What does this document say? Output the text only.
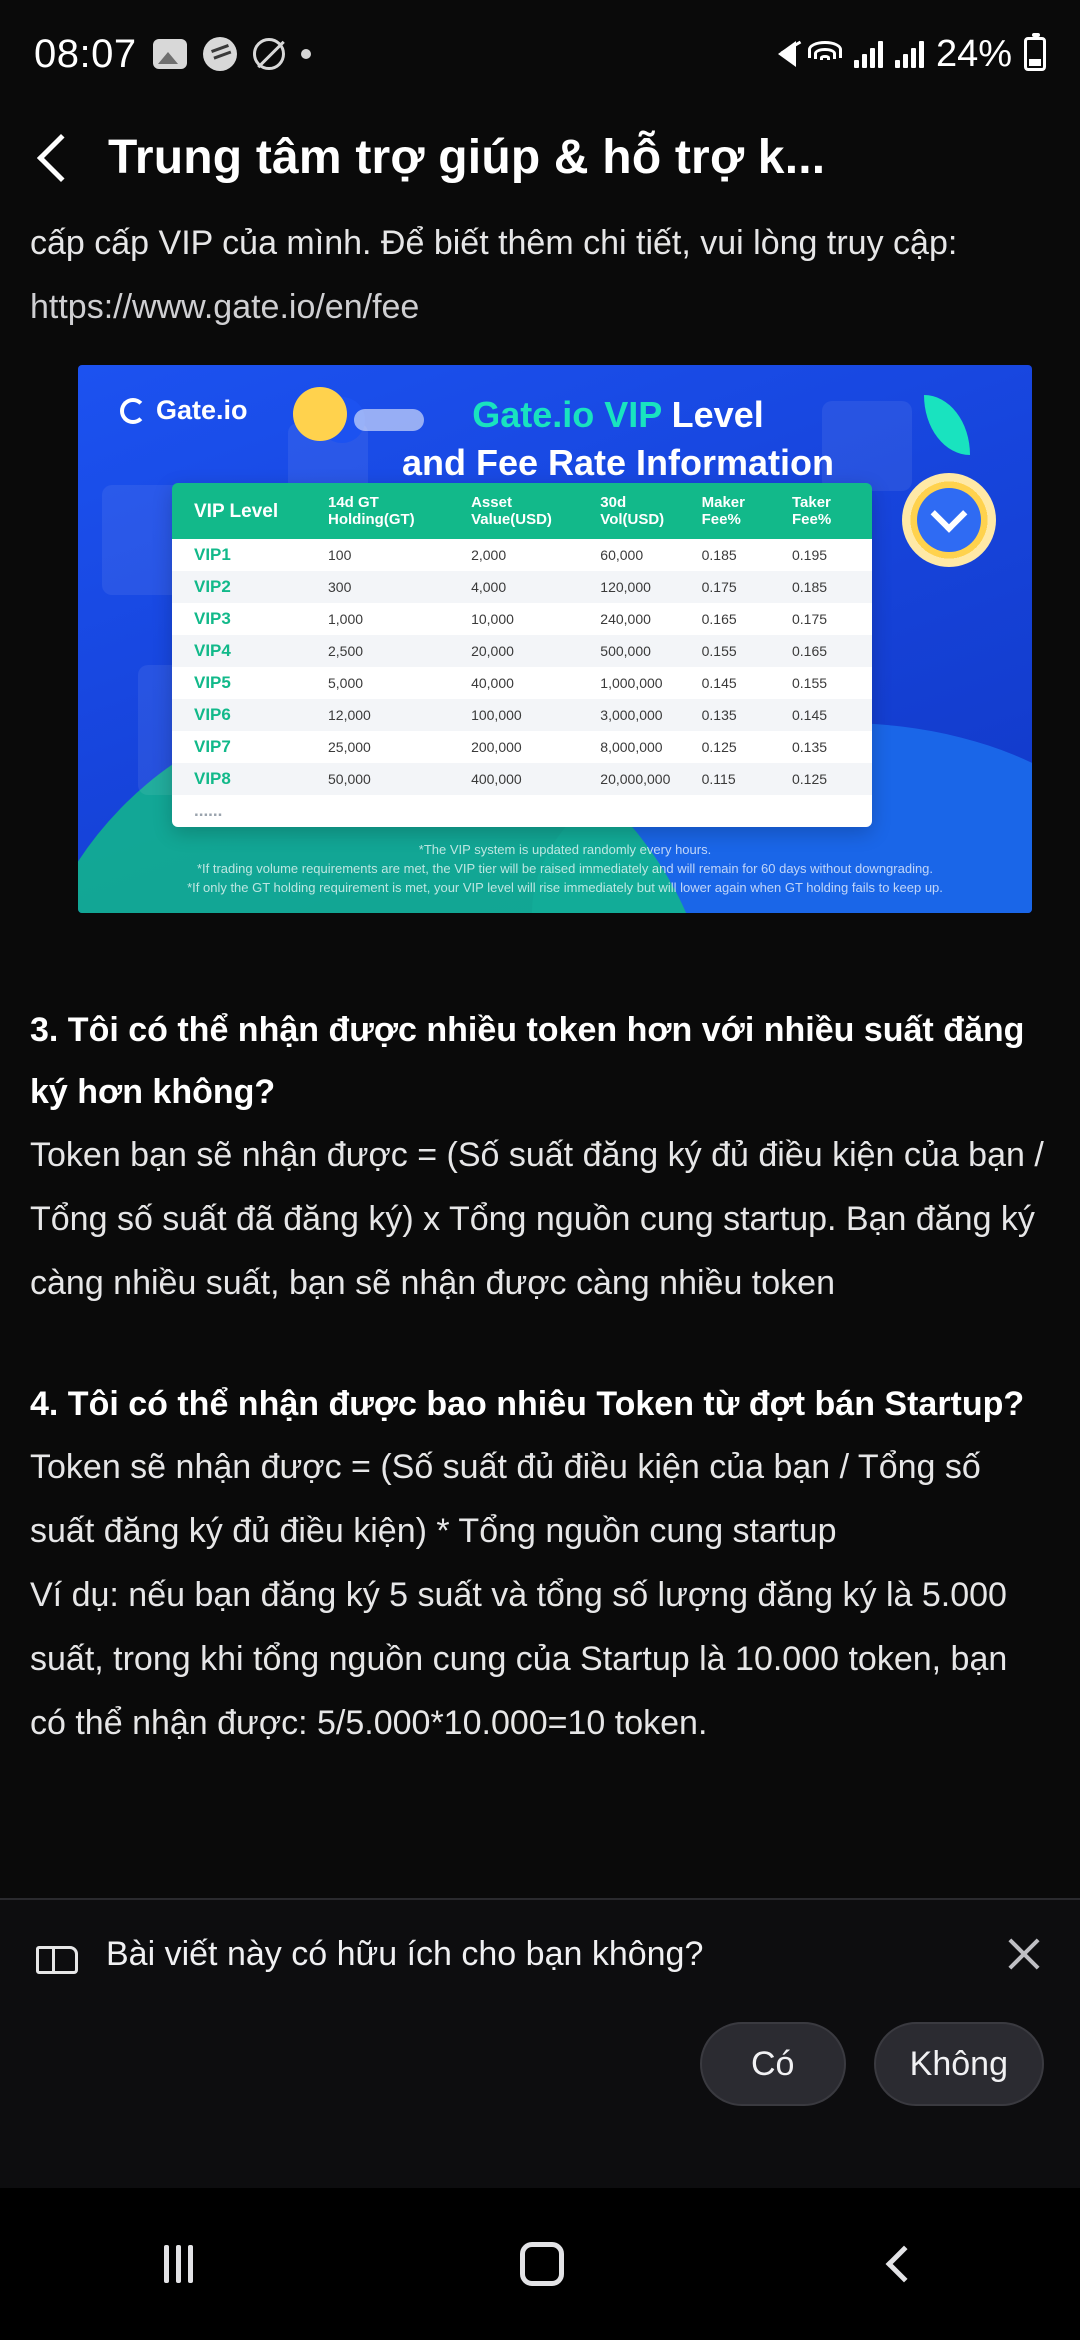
08:07	24%
Trung tâm trợ giúp & hỗ trợ k...
cấp cấp VIP của mình. Để biết thêm chi tiết, vui lòng truy cập:
https://www.gate.io/en/fee
Gate.io	Gate.io VIP Level
and Fee Rate Information
VIP Level	14d GT Holding(GT)	Asset Value(USD)	30d Vol(USD)	Maker Fee%	Taker Fee%
VIP1	100	2,000	60,000	0.185	0.195
VIP2	300	4,000	120,000	0.175	0.185
VIP3	1,000	10,000	240,000	0.165	0.175
VIP4	2,500	20,000	500,000	0.155	0.165
VIP5	5,000	40,000	1,000,000	0.145	0.155
VIP6	12,000	100,000	3,000,000	0.135	0.145
VIP7	25,000	200,000	8,000,000	0.125	0.135
VIP8	50,000	400,000	20,000,000	0.115	0.125
......					
*The VIP system is updated randomly every hours.
*If trading volume requirements are met, the VIP tier will be raised immediately and will remain for 60 days without downgrading.
*If only the GT holding requirement is met, your VIP level will rise immediately but will lower again when GT holding fails to keep up.
3. Tôi có thể nhận được nhiều token hơn với nhiều suất đăng ký hơn không?
Token bạn sẽ nhận được = (Số suất đăng ký đủ điều kiện của bạn / Tổng số suất đã đăng ký) x Tổng nguồn cung startup. Bạn đăng ký càng nhiều suất, bạn sẽ nhận được càng nhiều token
4. Tôi có thể nhận được bao nhiêu Token từ đợt bán Startup?
Token sẽ nhận được = (Số suất đủ điều kiện của bạn / Tổng số suất đăng ký đủ điều kiện) * Tổng nguồn cung startup
Ví dụ: nếu bạn đăng ký 5 suất và tổng số lượng đăng ký là 5.000 suất, trong khi tổng nguồn cung của Startup là 10.000 token, bạn có thể nhận được: 5/5.000*10.000=10 token.
Bài viết này có hữu ích cho bạn không?
Có	Không
